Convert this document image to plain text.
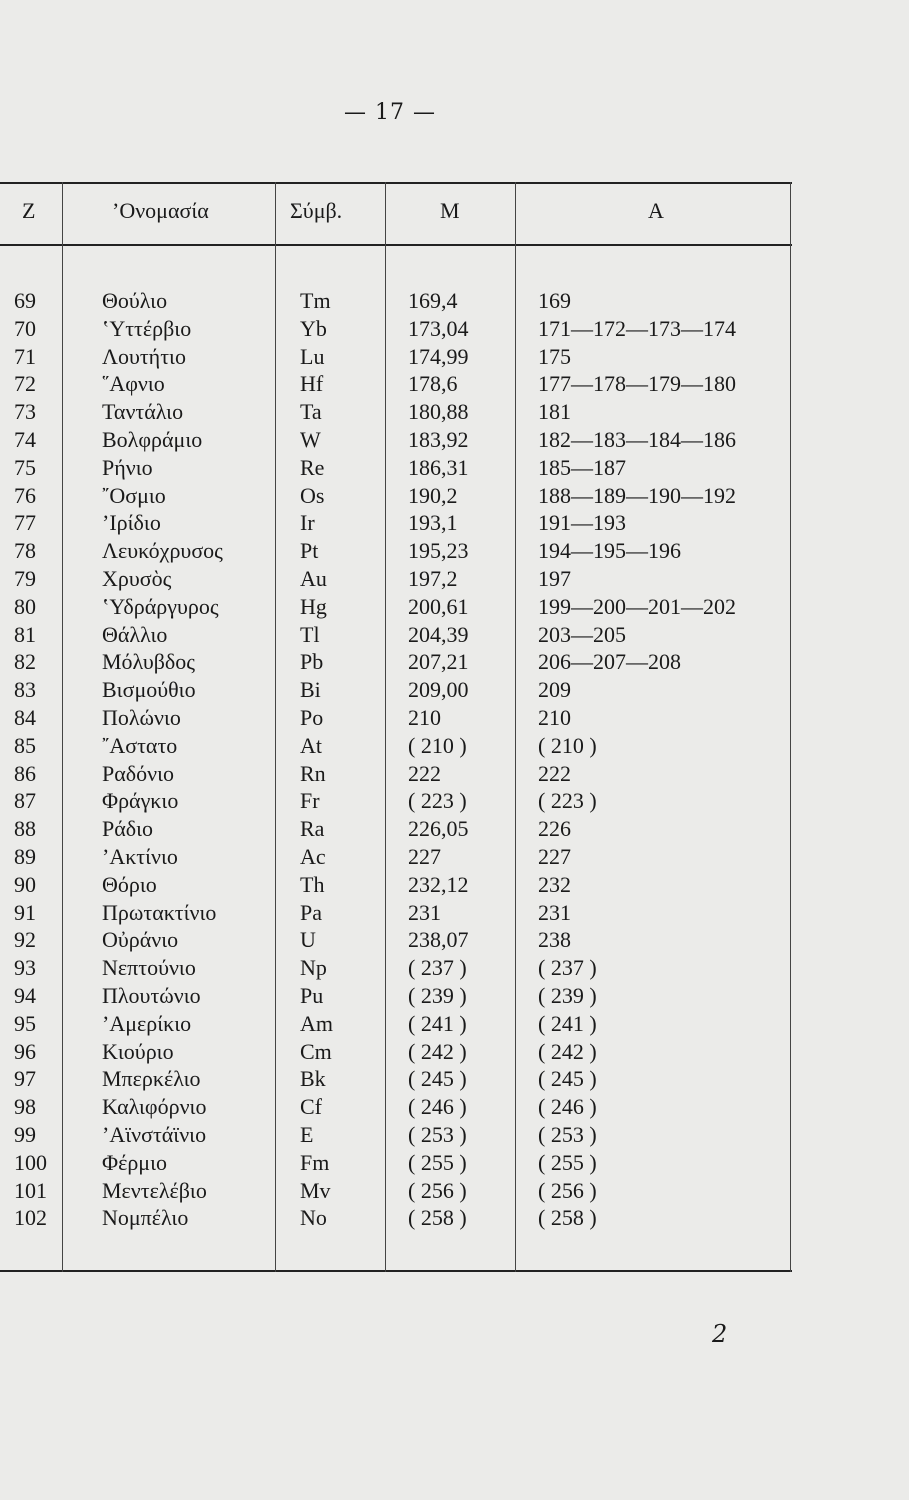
— 17 —
Z	’Ονομασία	Σύμβ.	M	A
69	Θούλιο	Tm	169,4	169
70	ʽΥττέρβιο	Yb	173,04	171—172—173—174
71	Λουτήτιο	Lu	174,99	175
72	῞Αφνιο	Hf	178,6	177—178—179—180
73	Ταντάλιο	Ta	180,88	181
74	Βολφράμιο	W	183,92	182—183—184—186
75	Ρήνιο	Re	186,31	185—187
76	῎Οσμιο	Os	190,2	188—189—190—192
77	’Ιρίδιο	Ir	193,1	191—193
78	Λευκόχρυσος	Pt	195,23	194—195—196
79	Χρυσὸς	Au	197,2	197
80	ʽΥδράργυρος	Hg	200,61	199—200—201—202
81	Θάλλιο	Tl	204,39	203—205
82	Μόλυβδος	Pb	207,21	206—207—208
83	Βισμούθιο	Bi	209,00	209
84	Πολώνιο	Po	210	210
85	῎Αστατο	At	( 210 )	( 210 )
86	Ραδόνιο	Rn	222	222
87	Φράγκιο	Fr	( 223 )	( 223 )
88	Ράδιο	Ra	226,05	226
89	’Ακτίνιο	Ac	227	227
90	Θόριο	Th	232,12	232
91	Πρωτακτίνιο	Pa	231	231
92	Οὐράνιο	U	238,07	238
93	Νεπτούνιο	Np	( 237 )	( 237 )
94	Πλουτώνιο	Pu	( 239 )	( 239 )
95	’Αμερίκιο	Am	( 241 )	( 241 )
96	Κιούριο	Cm	( 242 )	( 242 )
97	Μπερκέλιο	Bk	( 245 )	( 245 )
98	Καλιφόρνιο	Cf	( 246 )	( 246 )
99	’Αϊνστάϊνιο	E	( 253 )	( 253 )
100	Φέρμιο	Fm	( 255 )	( 255 )
101	Μεντελέβιο	Mv	( 256 )	( 256 )
102	Νομπέλιο	No	( 258 )	( 258 )
2
